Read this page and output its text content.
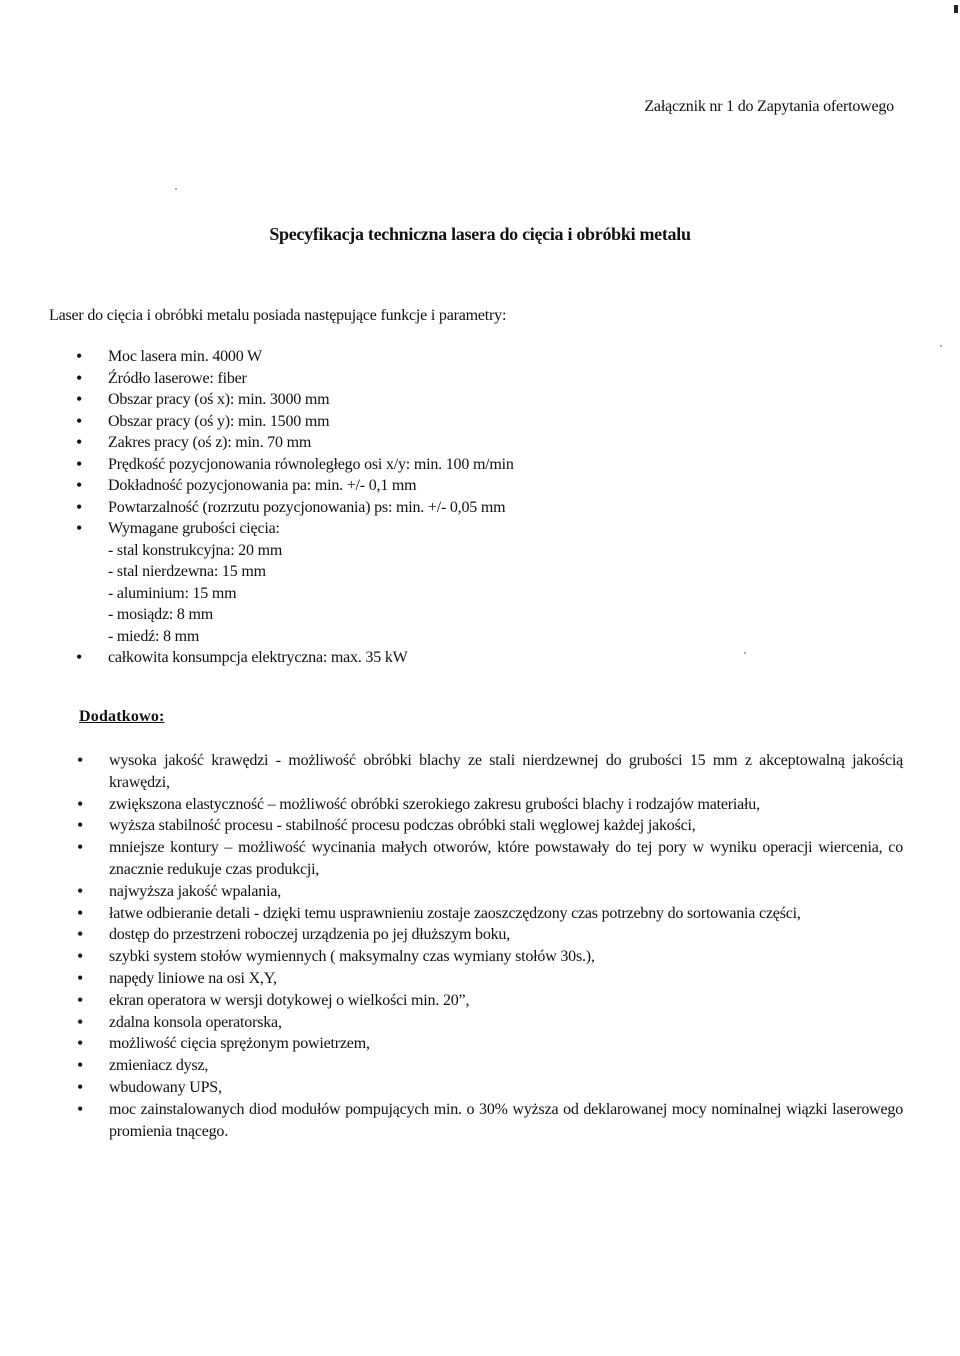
Załącznik nr 1 do Zapytania ofertowego
Specyfikacja techniczna lasera do cięcia i obróbki metalu
Laser do cięcia i obróbki metalu posiada następujące funkcje i parametry:
•
Moc lasera min. 4000 W
•
Źródło laserowe: fiber
•
Obszar pracy (oś x): min. 3000 mm
•
Obszar pracy (oś y): min. 1500 mm
•
Zakres pracy (oś z): min. 70 mm
•
Prędkość pozycjonowania równoległego osi x/y: min. 100 m/min
•
Dokładność pozycjonowania pa: min. +/- 0,1 mm
•
Powtarzalność (rozrzutu pozycjonowania) ps: min. +/- 0,05 mm
•
Wymagane grubości cięcia:
- stal konstrukcyjna: 20 mm
- stal nierdzewna: 15 mm
- aluminium: 15 mm
- mosiądz: 8 mm
- miedź: 8 mm
•
całkowita konsumpcja elektryczna: max. 35 kW
Dodatkowo:
•
wysoka jakość krawędzi - możliwość obróbki blachy ze stali nierdzewnej do grubości 15 mm z akceptowalną jakością krawędzi,
•
zwiększona elastyczność – możliwość obróbki szerokiego zakresu grubości blachy i rodzajów materiału,
•
wyższa stabilność procesu - stabilność procesu podczas obróbki stali węglowej każdej jakości,
•
mniejsze kontury – możliwość wycinania małych otworów, które powstawały do tej pory w wyniku operacji wiercenia, co znacznie redukuje czas produkcji,
•
najwyższa jakość wpalania,
•
łatwe odbieranie detali - dzięki temu usprawnieniu zostaje zaoszczędzony czas potrzebny do sortowania części,
•
dostęp do przestrzeni roboczej urządzenia po jej dłuższym boku,
•
szybki system stołów wymiennych ( maksymalny czas wymiany stołów 30s.),
•
napędy liniowe na osi X,Y,
•
ekran operatora w wersji dotykowej o wielkości min. 20”,
•
zdalna konsola operatorska,
•
możliwość cięcia sprężonym powietrzem,
•
zmieniacz dysz,
•
wbudowany UPS,
•
moc zainstalowanych diod modułów pompujących min. o 30% wyższa od deklarowanej mocy nominalnej wiązki laserowego promienia tnącego.
